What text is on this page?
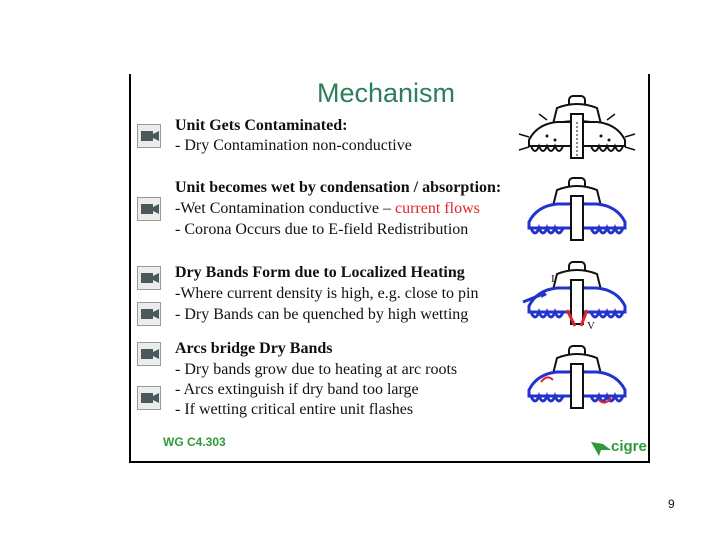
Mechanism
Unit Gets Contaminated:
- Dry Contamination non-conductive
Unit becomes wet by condensation / absorption:
-Wet Contamination conductive – current flows
- Corona Occurs due to E-field Redistribution
Dry Bands Form due to Localized Heating
-Where current density is high, e.g. close to pin
- Dry Bands can be quenched by high wetting
Arcs bridge Dry Bands
- Dry bands grow due to heating at arc roots
- Arcs extinguish if dry band too large
- If wetting critical entire unit flashes
I
V
WG C4.303	cigre
9
